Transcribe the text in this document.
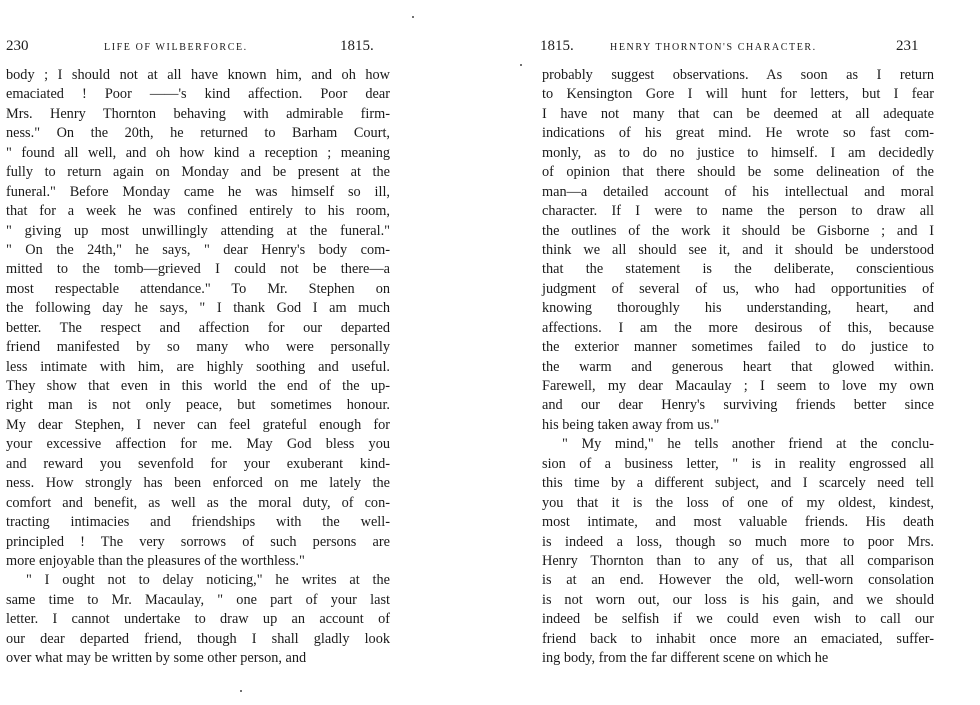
230	LIFE OF WILBERFORCE.	1815.
body ; I should not at all have known him, and oh how
emaciated ! Poor ——'s kind affection. Poor dear
Mrs. Henry Thornton behaving with admirable firm-
ness." On the 20th, he returned to Barham Court,
" found all well, and oh how kind a reception ; meaning
fully to return again on Monday and be present at the
funeral." Before Monday came he was himself so ill,
that for a week he was confined entirely to his room,
" giving up most unwillingly attending at the funeral."
" On the 24th," he says, " dear Henry's body com-
mitted to the tomb—grieved I could not be there—a
most respectable attendance." To Mr. Stephen on
the following day he says, " I thank God I am much
better. The respect and affection for our departed
friend manifested by so many who were personally
less intimate with him, are highly soothing and useful.
They show that even in this world the end of the up-
right man is not only peace, but sometimes honour.
My dear Stephen, I never can feel grateful enough for
your excessive affection for me. May God bless you
and reward you sevenfold for your exuberant kind-
ness. How strongly has been enforced on me lately the
comfort and benefit, as well as the moral duty, of con-
tracting intimacies and friendships with the well-
principled ! The very sorrows of such persons are
more enjoyable than the pleasures of the worthless."
" I ought not to delay noticing," he writes at the
same time to Mr. Macaulay, " one part of your last
letter. I cannot undertake to draw up an account of
our dear departed friend, though I shall gladly look
over what may be written by some other person, and
1815.	HENRY THORNTON'S CHARACTER.	231
probably suggest observations. As soon as I return
to Kensington Gore I will hunt for letters, but I fear
I have not many that can be deemed at all adequate
indications of his great mind. He wrote so fast com-
monly, as to do no justice to himself. I am decidedly
of opinion that there should be some delineation of the
man—a detailed account of his intellectual and moral
character. If I were to name the person to draw all
the outlines of the work it should be Gisborne ; and I
think we all should see it, and it should be understood
that the statement is the deliberate, conscientious
judgment of several of us, who had opportunities of
knowing thoroughly his understanding, heart, and
affections. I am the more desirous of this, because
the exterior manner sometimes failed to do justice to
the warm and generous heart that glowed within.
Farewell, my dear Macaulay ; I seem to love my own
and our dear Henry's surviving friends better since
his being taken away from us."
" My mind," he tells another friend at the conclu-
sion of a business letter, " is in reality engrossed all
this time by a different subject, and I scarcely need tell
you that it is the loss of one of my oldest, kindest,
most intimate, and most valuable friends. His death
is indeed a loss, though so much more to poor Mrs.
Henry Thornton than to any of us, that all comparison
is at an end. However the old, well-worn consolation
is not worn out, our loss is his gain, and we should
indeed be selfish if we could even wish to call our
friend back to inhabit once more an emaciated, suffer-
ing body, from the far different scene on which he
